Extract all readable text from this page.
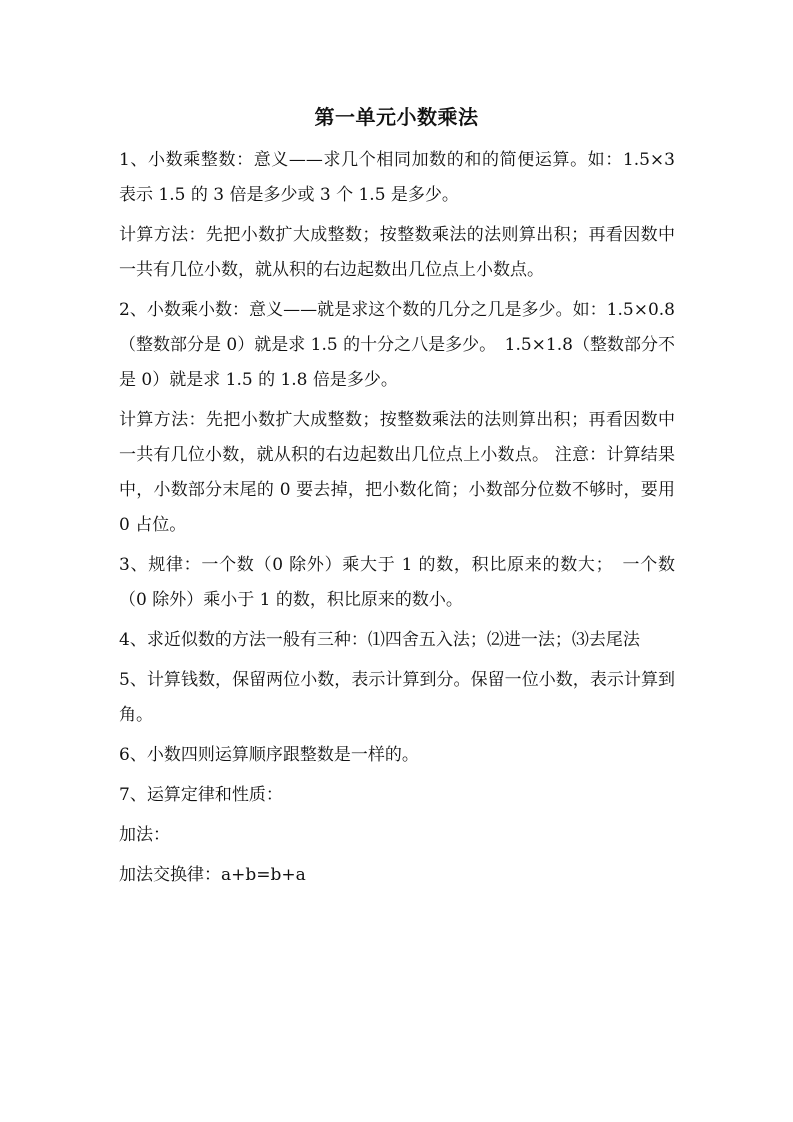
第一单元小数乘法

1、小数乘整数：意义——求几个相同加数的和的简便运算。如：1.5×3 表示 1.5 的 3 倍是多少或 3 个 1.5 是多少。

计算方法：先把小数扩大成整数；按整数乘法的法则算出积；再看因数中一共有几位小数，就从积的右边起数出几位点上小数点。

2、小数乘小数：意义——就是求这个数的几分之几是多少。如：1.5×0.8（整数部分是 0）就是求 1.5 的十分之八是多少。　1.5×1.8（整数部分不是 0）就是求 1.5 的 1.8 倍是多少。

计算方法：先把小数扩大成整数；按整数乘法的法则算出积；再看因数中一共有几位小数，就从积的右边起数出几位点上小数点。 注意：计算结果中，小数部分末尾的 0 要去掉，把小数化简；小数部分位数不够时，要用 0 占位。

3、规律：一个数（0 除外）乘大于 1 的数，积比原来的数大；　一个数（0 除外）乘小于 1 的数，积比原来的数小。

4、求近似数的方法一般有三种：⑴四舍五入法；⑵进一法；⑶去尾法

5、计算钱数，保留两位小数，表示计算到分。保留一位小数，表示计算到角。

6、小数四则运算顺序跟整数是一样的。

7、运算定律和性质：

加法：

加法交换律：a+b=b+a
